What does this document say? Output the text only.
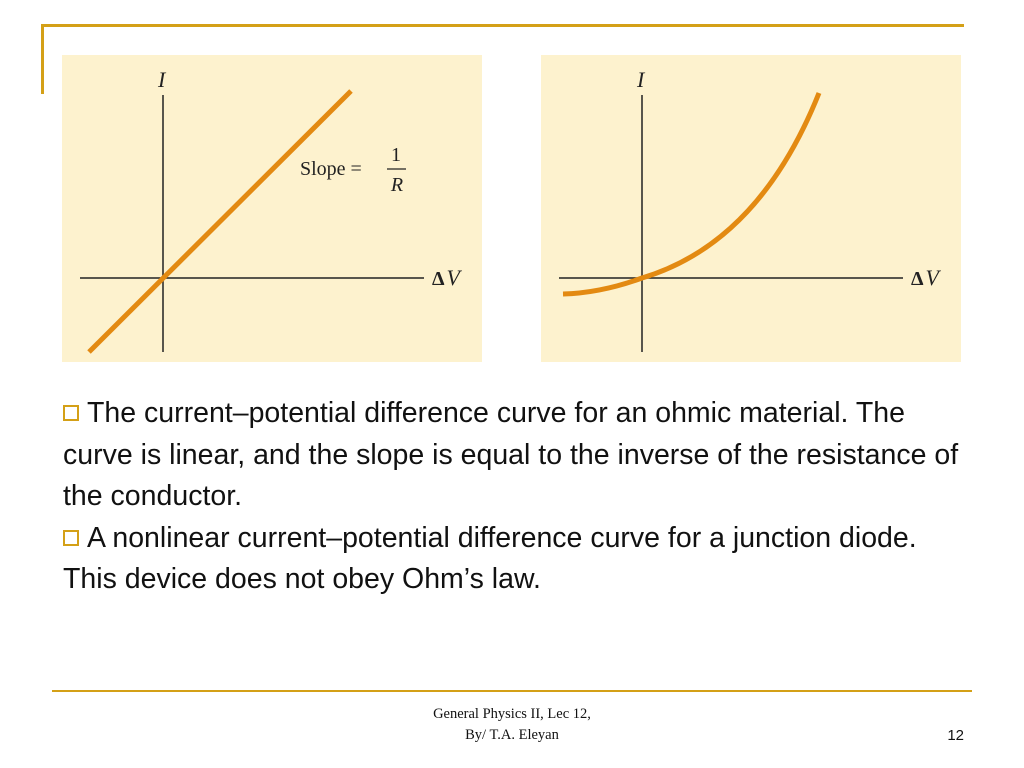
I
ΔV
Slope =
1
R
I
ΔV

The current–potential difference curve for an ohmic material. The curve is linear, and the slope is equal to the inverse of the resistance of the conductor.

A nonlinear current–potential difference curve for a junction diode. This device does not obey Ohm’s law.

General Physics II, Lec 12,
By/ T.A. Eleyan	12
